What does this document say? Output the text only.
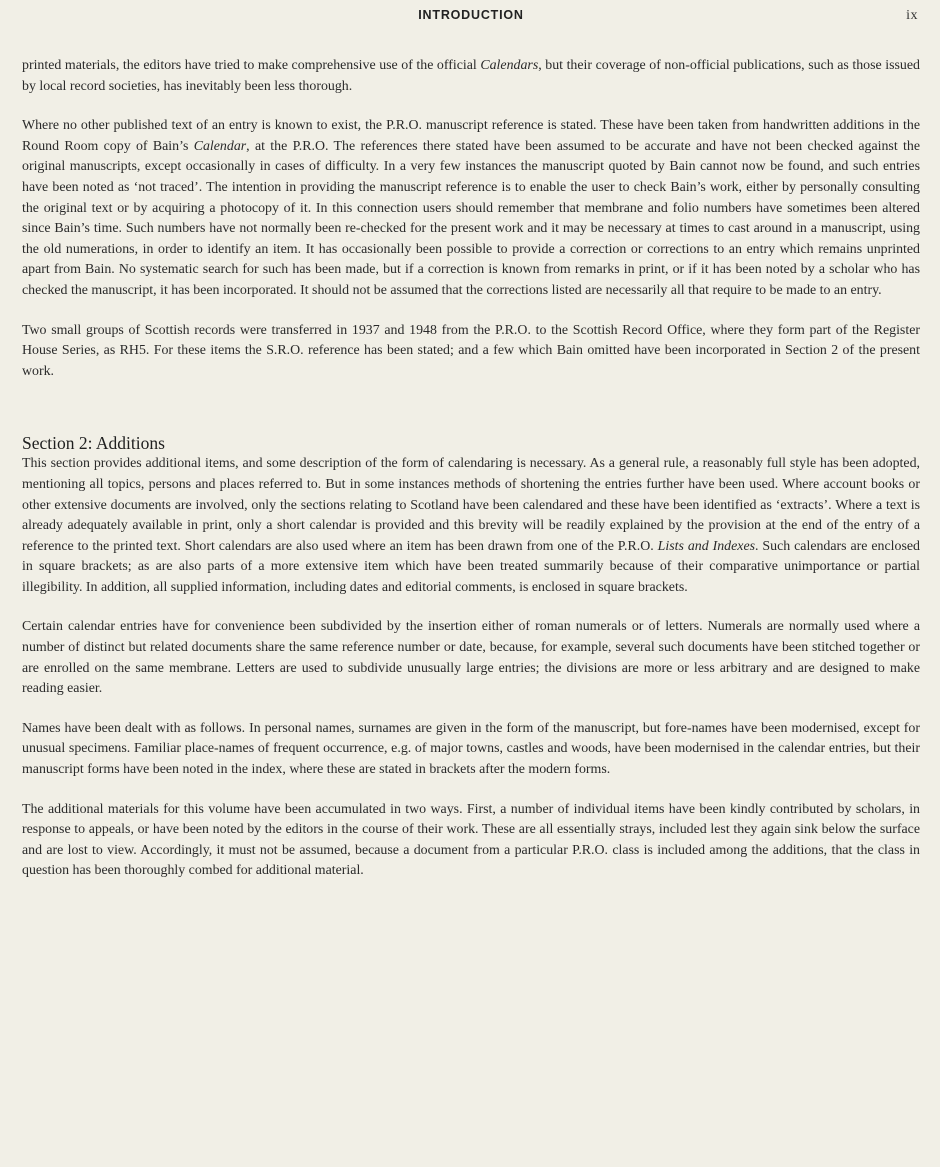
INTRODUCTION	ix

printed materials, the editors have tried to make comprehensive use of the official Calendars, but their coverage of non-official publications, such as those issued by local record societies, has inevitably been less thorough.

Where no other published text of an entry is known to exist, the P.R.O. manuscript reference is stated. These have been taken from handwritten additions in the Round Room copy of Bain’s Calendar, at the P.R.O. The references there stated have been assumed to be accurate and have not been checked against the original manuscripts, except occasionally in cases of difficulty. In a very few instances the manuscript quoted by Bain cannot now be found, and such entries have been noted as ‘not traced’. The intention in providing the manuscript reference is to enable the user to check Bain’s work, either by personally consulting the original text or by acquiring a photocopy of it. In this connection users should remember that membrane and folio numbers have sometimes been altered since Bain’s time. Such numbers have not normally been re-checked for the present work and it may be necessary at times to cast around in a manuscript, using the old numerations, in order to identify an item. It has occasionally been possible to provide a correction or corrections to an entry which remains unprinted apart from Bain. No systematic search for such has been made, but if a correction is known from remarks in print, or if it has been noted by a scholar who has checked the manuscript, it has been incorporated. It should not be assumed that the corrections listed are necessarily all that require to be made to an entry.

Two small groups of Scottish records were transferred in 1937 and 1948 from the P.R.O. to the Scottish Record Office, where they form part of the Register House Series, as RH5. For these items the S.R.O. reference has been stated; and a few which Bain omitted have been incorporated in Section 2 of the present work.

Section 2: Additions

This section provides additional items, and some description of the form of calendaring is necessary. As a general rule, a reasonably full style has been adopted, mentioning all topics, persons and places referred to. But in some instances methods of shortening the entries further have been used. Where account books or other extensive documents are involved, only the sections relating to Scotland have been calendared and these have been identified as ‘extracts’. Where a text is already adequately available in print, only a short calendar is provided and this brevity will be readily explained by the provision at the end of the entry of a reference to the printed text. Short calendars are also used where an item has been drawn from one of the P.R.O. Lists and Indexes. Such calendars are enclosed in square brackets; as are also parts of a more extensive item which have been treated summarily because of their comparative unimportance or partial illegibility. In addition, all supplied information, including dates and editorial comments, is enclosed in square brackets.

Certain calendar entries have for convenience been subdivided by the insertion either of roman numerals or of letters. Numerals are normally used where a number of distinct but related documents share the same reference number or date, because, for example, several such documents have been stitched together or are enrolled on the same membrane. Letters are used to subdivide unusually large entries; the divisions are more or less arbitrary and are designed to make reading easier.

Names have been dealt with as follows. In personal names, surnames are given in the form of the manuscript, but fore-names have been modernised, except for unusual specimens. Familiar place-names of frequent occurrence, e.g. of major towns, castles and woods, have been modernised in the calendar entries, but their manuscript forms have been noted in the index, where these are stated in brackets after the modern forms.

The additional materials for this volume have been accumulated in two ways. First, a number of individual items have been kindly contributed by scholars, in response to appeals, or have been noted by the editors in the course of their work. These are all essentially strays, included lest they again sink below the surface and are lost to view. Accordingly, it must not be assumed, because a document from a particular P.R.O. class is included among the additions, that the class in question has been thoroughly combed for additional material.
